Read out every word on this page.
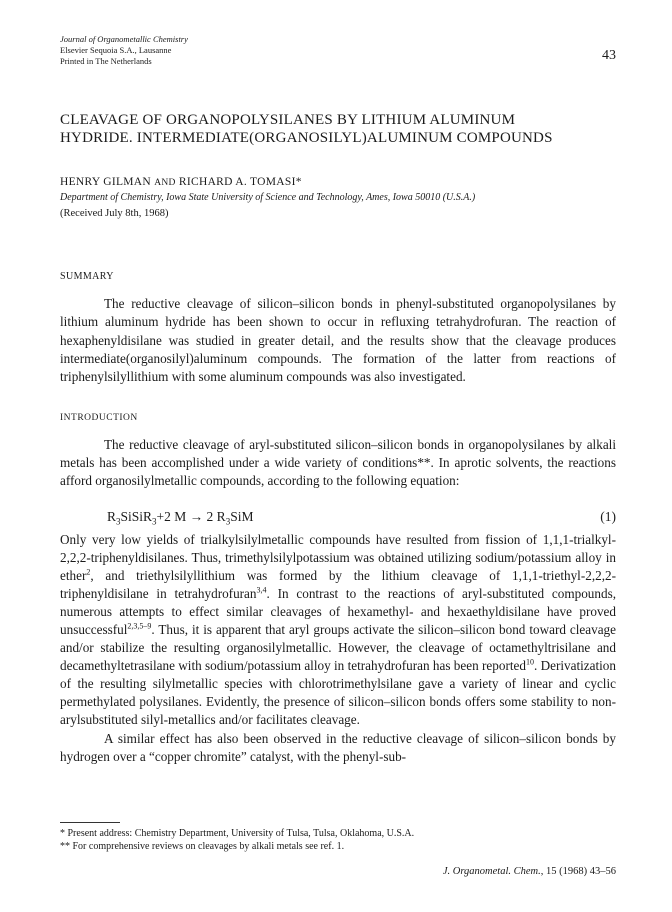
Journal of Organometallic Chemistry
Elsevier Sequoia S.A., Lausanne
Printed in The Netherlands	43
CLEAVAGE OF ORGANOPOLYSILANES BY LITHIUM ALUMINUM
HYDRIDE. INTERMEDIATE(ORGANOSILYL)ALUMINUM COMPOUNDS
HENRY GILMAN AND RICHARD A. TOMASI*
Department of Chemistry, Iowa State University of Science and Technology, Ames, Iowa 50010 (U.S.A.)
(Received July 8th, 1968)
SUMMARY
The reductive cleavage of silicon–silicon bonds in phenyl-substituted organopolysilanes by lithium aluminum hydride has been shown to occur in refluxing tetrahydrofuran. The reaction of hexaphenyldisilane was studied in greater detail, and the results show that the cleavage produces intermediate(organosilyl)aluminum compounds. The formation of the latter from reactions of triphenylsilyllithium with some aluminum compounds was also investigated.
INTRODUCTION

The reductive cleavage of aryl-substituted silicon–silicon bonds in organopolysilanes by alkali metals has been accomplished under a wide variety of conditions**. In aprotic solvents, the reactions afford organosilylmetallic compounds, according to the following equation:

$R_3SiSiR_3+2$ M → 2 $R_3SiM$	(1)

Only very low yields of trialkylsilylmetallic compounds have resulted from fission of 1,1,1-trialkyl-2,2,2-triphenyldisilanes. Thus, trimethylsilylpotassium was obtained utilizing sodium/potassium alloy in ether$^2$, and triethylsilyllithium was formed by the lithium cleavage of 1,1,1-triethyl-2,2,2-triphenyldisilane in tetrahydrofuran$^{3,4}$. In contrast to the reactions of aryl-substituted compounds, numerous attempts to effect similar cleavages of hexamethyl- and hexaethyldisilane have proved unsuccessful$^{2,3,5-9}$. Thus, it is apparent that aryl groups activate the silicon–silicon bond toward cleavage and/or stabilize the resulting organosilylmetallic. However, the cleavage of octamethyltrisilane and decamethyltetrasilane with sodium/potassium alloy in tetrahydrofuran has been reported$^{10}$. Derivatization of the resulting silylmetallic species with chlorotrimethylsilane gave a variety of linear and cyclic permethylated polysilanes. Evidently, the presence of silicon–silicon bonds offers some stability to non-arylsubstituted silyl-metallics and/or facilitates cleavage.

A similar effect has also been observed in the reductive cleavage of silicon–silicon bonds by hydrogen over a “copper chromite” catalyst, with the phenyl-sub-

* Present address: Chemistry Department, University of Tulsa, Tulsa, Oklahoma, U.S.A.
** For comprehensive reviews on cleavages by alkali metals see ref. 1.
J. Organometal. Chem., 15 (1968) 43–56
